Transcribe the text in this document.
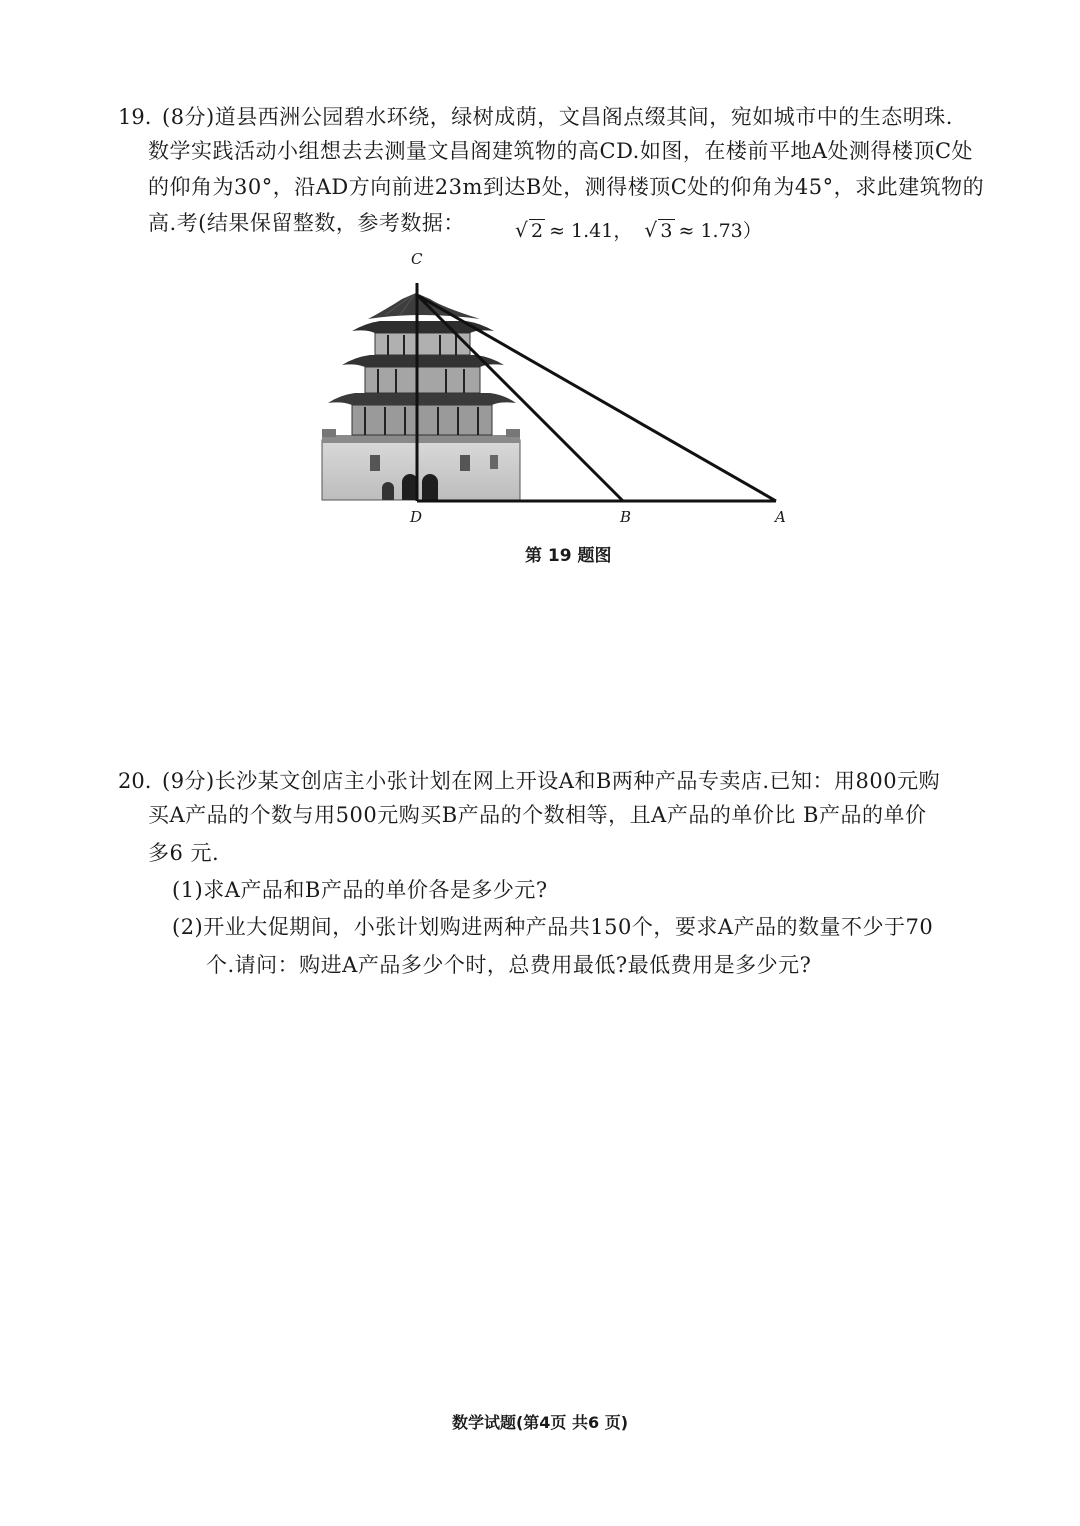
19. (8分)道县西洲公园碧水环绕，绿树成荫，文昌阁点缀其间，宛如城市中的生态明珠.
数学实践活动小组想去去测量文昌阁建筑物的高CD.如图，在楼前平地A处测得楼顶C处
的仰角为30°，沿AD方向前进23m到达B处，测得楼顶C处的仰角为45°，求此建筑物的
高.考(结果保留整数，参考数据：	√ 2 ≈ 1.41， √ 3 ≈ 1.73）
C
D	B	A
第 19 题图
20. (9分)长沙某文创店主小张计划在网上开设A和B两种产品专卖店.已知：用800元购
买A产品的个数与用500元购买B产品的个数相等，且A产品的单价比 B产品的单价
多6 元.
(1)求A产品和B产品的单价各是多少元?
(2)开业大促期间，小张计划购进两种产品共150个，要求A产品的数量不少于70
个.请问：购进A产品多少个时，总费用最低?最低费用是多少元?
数学试题(第4页 共6 页)
